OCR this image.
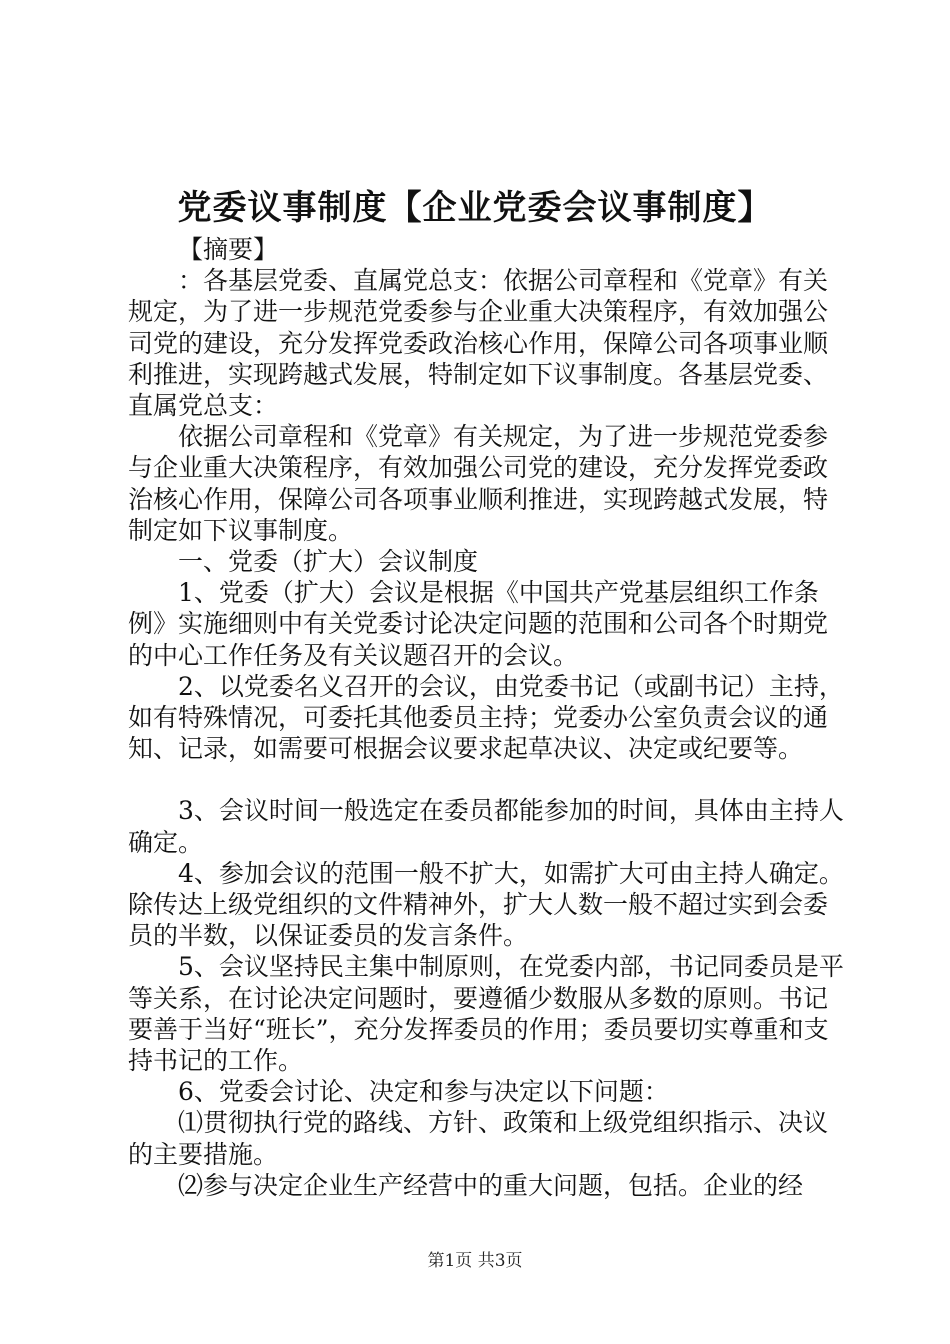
党委议事制度【企业党委会议事制度】

【摘要】

：各基层党委、直属党总支：依据公司章程和《党章》有关规定，为了进一步规范党委参与企业重大决策程序，有效加强公司党的建设，充分发挥党委政治核心作用，保障公司各项事业顺利推进，实现跨越式发展，特制定如下议事制度。各基层党委、直属党总支：

依据公司章程和《党章》有关规定，为了进一步规范党委参与企业重大决策程序，有效加强公司党的建设，充分发挥党委政治核心作用，保障公司各项事业顺利推进，实现跨越式发展，特制定如下议事制度。

一、党委（扩大）会议制度

1、党委（扩大）会议是根据《中国共产党基层组织工作条例》实施细则中有关党委讨论决定问题的范围和公司各个时期党的中心工作任务及有关议题召开的会议。

2、以党委名义召开的会议，由党委书记（或副书记）主持，如有特殊情况，可委托其他委员主持；党委办公室负责会议的通知、记录，如需要可根据会议要求起草决议、决定或纪要等。

3、会议时间一般选定在委员都能参加的时间，具体由主持人确定。

4、参加会议的范围一般不扩大，如需扩大可由主持人确定。除传达上级党组织的文件精神外，扩大人数一般不超过实到会委员的半数，以保证委员的发言条件。

5、会议坚持民主集中制原则，在党委内部，书记同委员是平等关系，在讨论决定问题时，要遵循少数服从多数的原则。书记要善于当好“班长”，充分发挥委员的作用；委员要切实尊重和支持书记的工作。

6、党委会讨论、决定和参与决定以下问题：

⑴贯彻执行党的路线、方针、政策和上级党组织指示、决议的主要措施。

⑵参与决定企业生产经营中的重大问题，包括。企业的经

第1页 共3页
